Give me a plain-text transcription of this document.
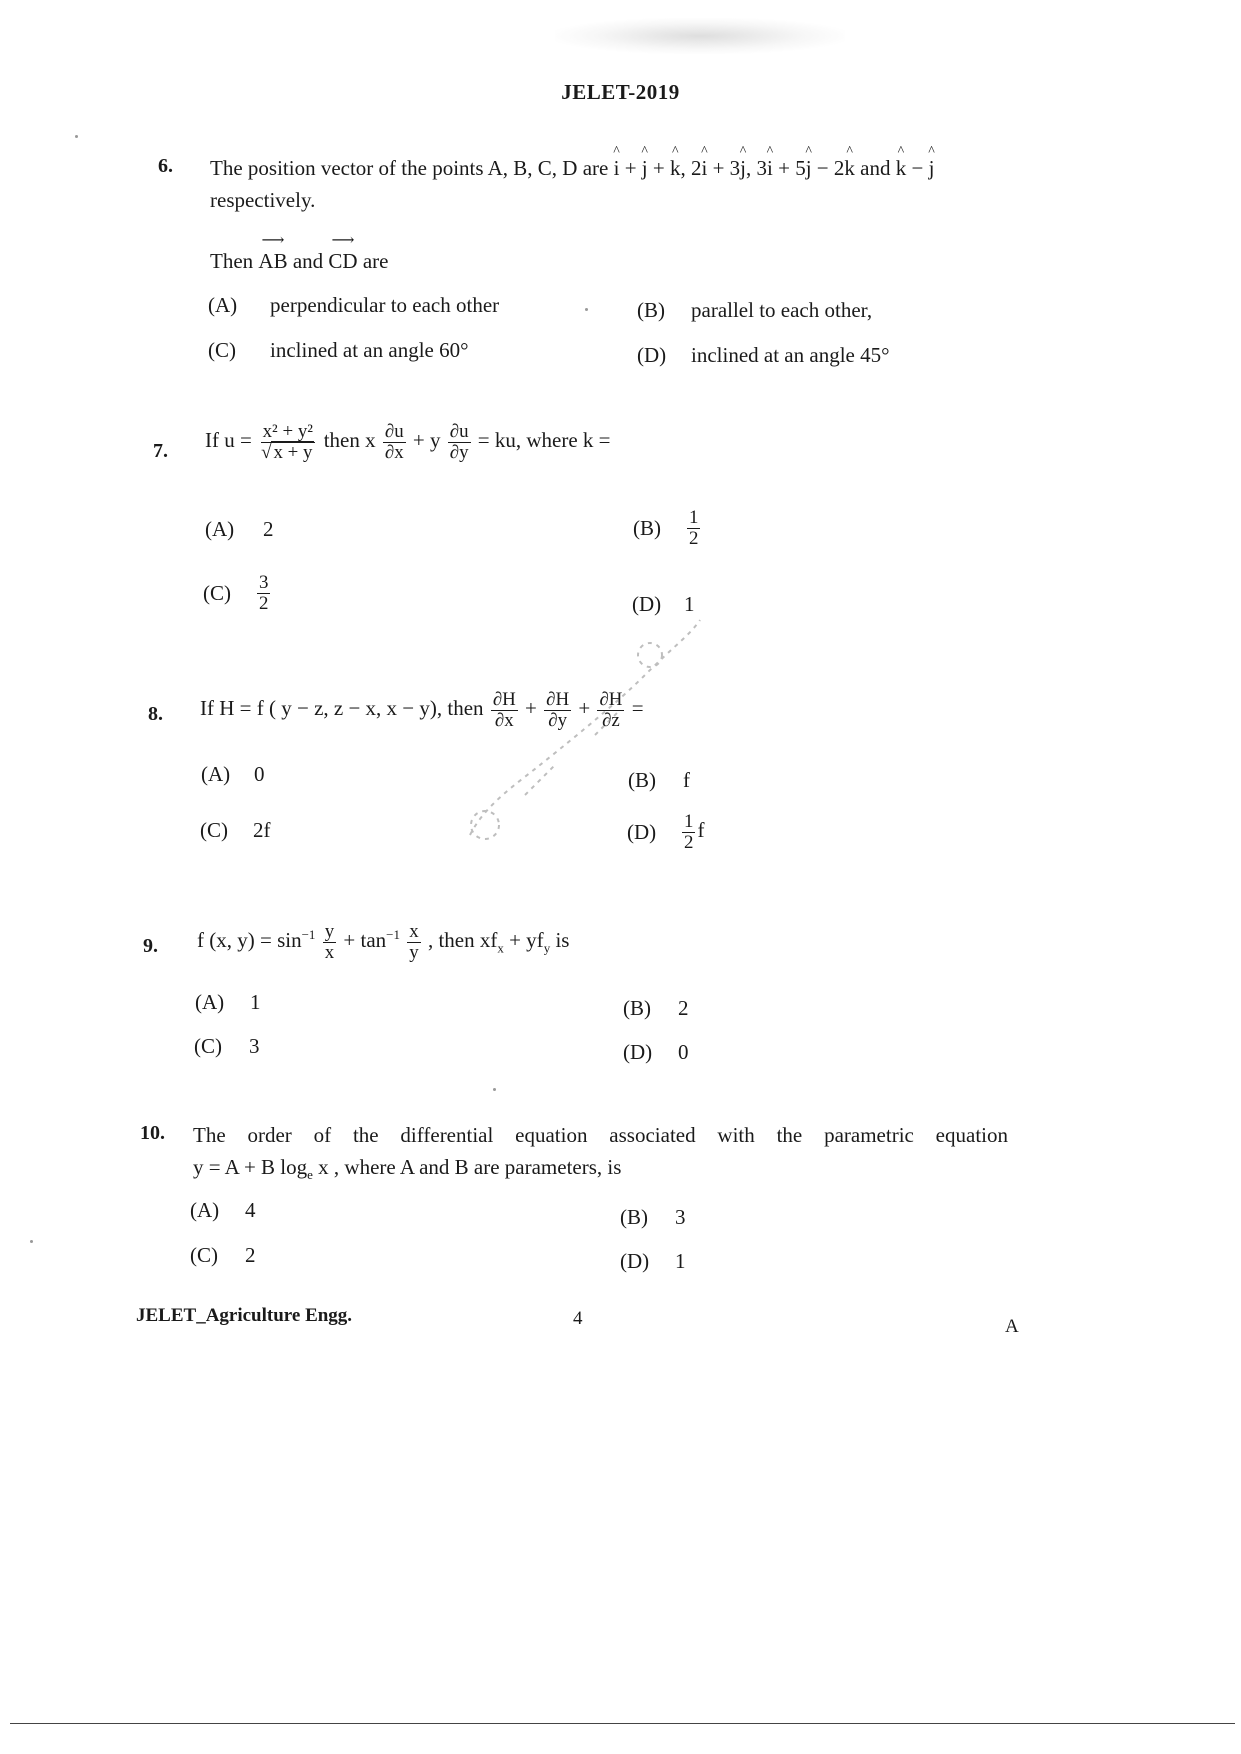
JELET-2019
6. The position vector of the points A, B, C, D are ^ i + ^ j + ^ k, 2^ i + 3^ j, 3^ i + 5^ j − 2^ k and ^ k − ^ j
respectively.
Then ⟶ AB and ⟶ CD are
(A) perpendicular to each other	(B) parallel to each other,
(C) inclined at an angle 60°	(D) inclined at an angle 45°
7. If $u = \frac{\text{x² + y²}}{√ x + y}$ then x $\frac{\partial u}{\partial x} + y \frac{\partial u}{\partial y}$ = ku, where k =
(A) 2	$(B) \frac{1}{2}$
$(C) \frac{3}{2}$	(D) 1
8. If H = f ( y − z, z − x, x − y), then $\frac{\partial H}{\partial x} + \frac{\partial H}{\partial y} + \frac{\partial H}{\partial z}$ =
(A) 0	(B) f
(C) 2f	$(D) \frac{1}{2}$ f
9. f (x, $y) = \sin^{-1} \frac{y}{x} + \tan^{-1} \frac{x}{y}$ , then $xf_x + yf_y$ is
(A) 1	(B) 2
(C) 3	(D) 0
10. The order of the differential equation associated with the parametric equation
y = A + B $\log_e x$ , where A and B are parameters, is
(A) 4	(B) 3
(C) 2	(D) 1
JELET_Agriculture Engg.	4	A
